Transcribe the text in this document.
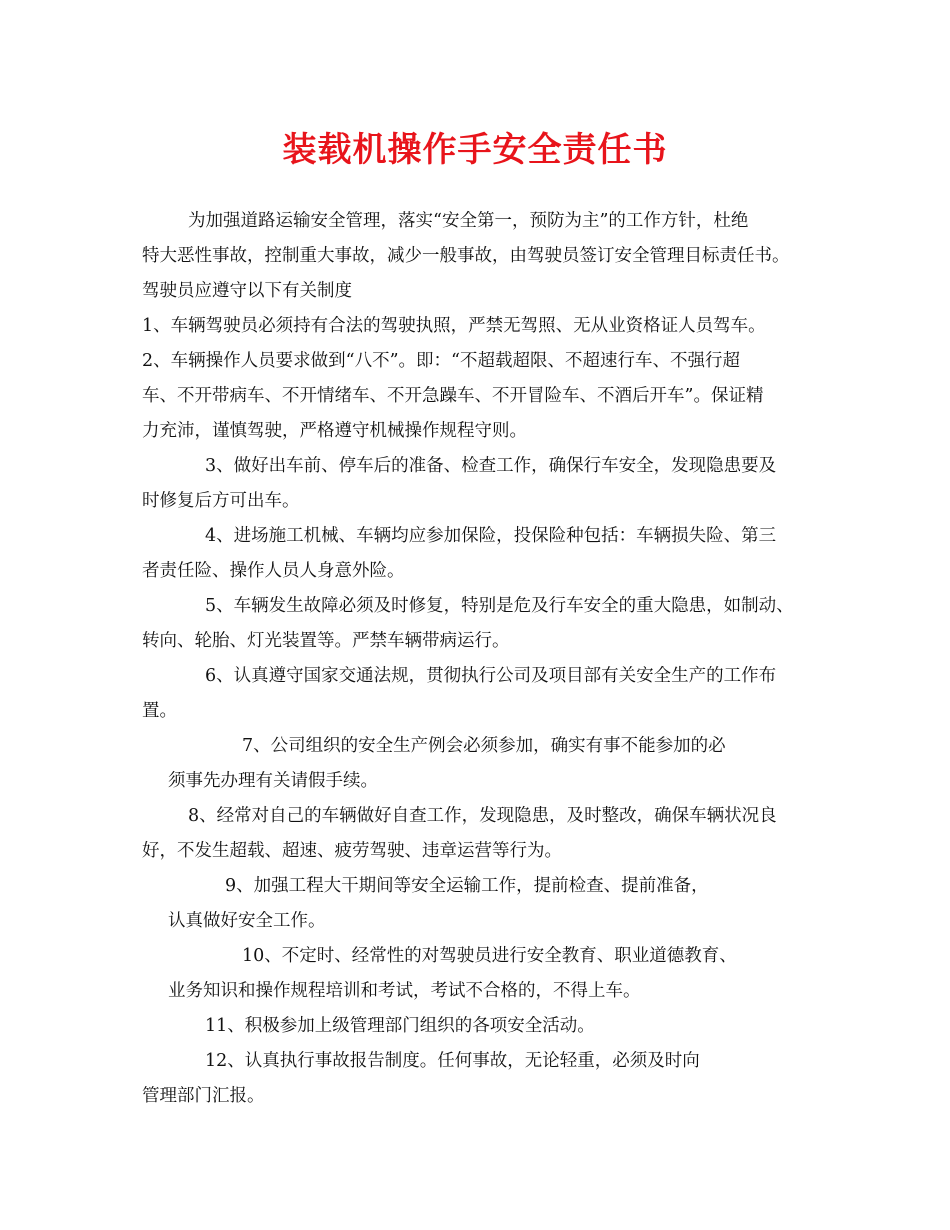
装载机操作手安全责任书

为加强道路运输安全管理，落实“安全第一，预防为主”的工作方针，杜绝

特大恶性事故，控制重大事故，减少一般事故，由驾驶员签订安全管理目标责任书。

驾驶员应遵守以下有关制度

1、车辆驾驶员必须持有合法的驾驶执照，严禁无驾照、无从业资格证人员驾车。

2、车辆操作人员要求做到“八不”。即：“不超载超限、不超速行车、不强行超

车、不开带病车、不开情绪车、不开急躁车、不开冒险车、不酒后开车”。保证精

力充沛，谨慎驾驶，严格遵守机械操作规程守则。

3、做好出车前、停车后的准备、检查工作，确保行车安全，发现隐患要及

时修复后方可出车。

4、进场施工机械、车辆均应参加保险，投保险种包括：车辆损失险、第三

者责任险、操作人员人身意外险。

5、车辆发生故障必须及时修复，特别是危及行车安全的重大隐患，如制动、

转向、轮胎、灯光装置等。严禁车辆带病运行。

6、认真遵守国家交通法规，贯彻执行公司及项目部有关安全生产的工作布

置。

7、公司组织的安全生产例会必须参加，确实有事不能参加的必

须事先办理有关请假手续。

8、经常对自己的车辆做好自查工作，发现隐患，及时整改，确保车辆状况良

好，不发生超载、超速、疲劳驾驶、违章运营等行为。

9、加强工程大干期间等安全运输工作，提前检查、提前准备，

认真做好安全工作。

10、不定时、经常性的对驾驶员进行安全教育、职业道德教育、

业务知识和操作规程培训和考试，考试不合格的，不得上车。

11、积极参加上级管理部门组织的各项安全活动。

12、认真执行事故报告制度。任何事故，无论轻重，必须及时向

管理部门汇报。
